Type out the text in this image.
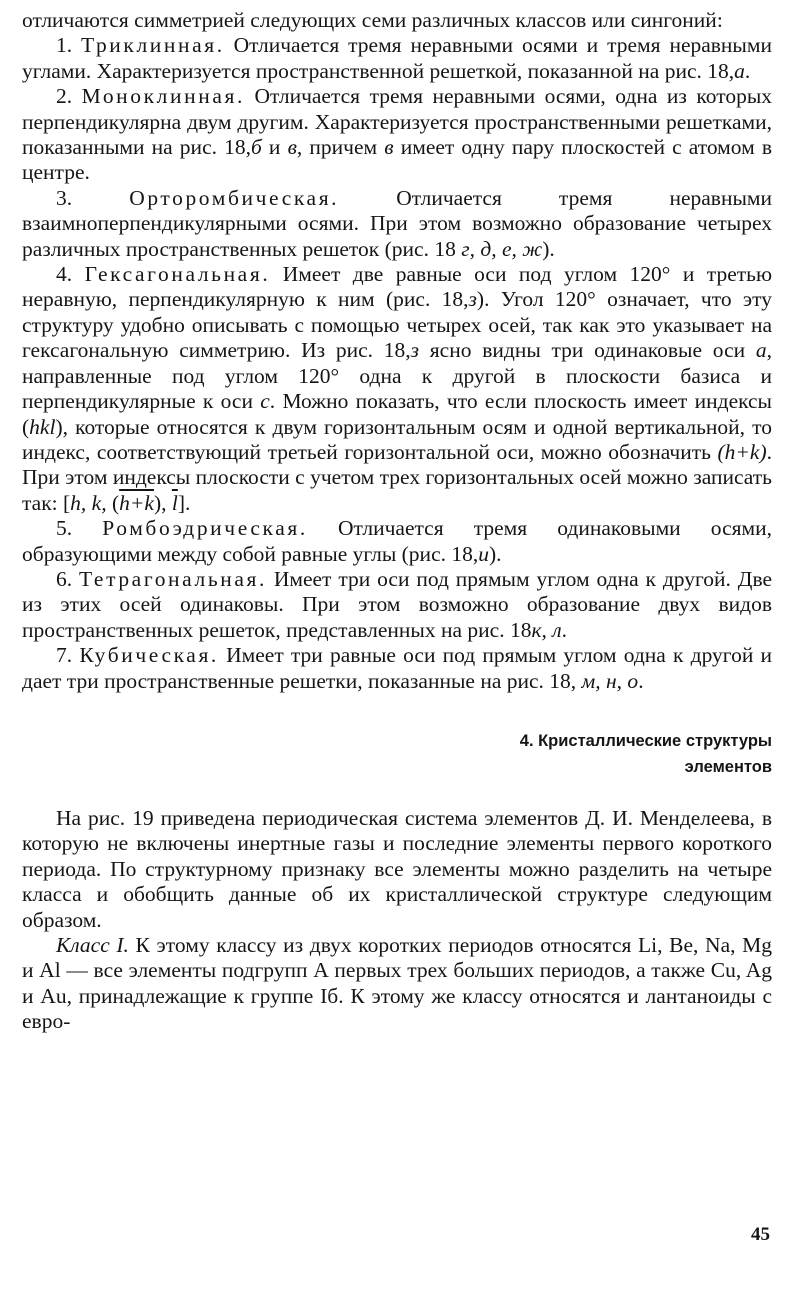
отличаются симметрией следующих семи различных классов или сингоний:

1. Триклинная. Отличается тремя неравными осями и тремя неравными углами. Характеризуется пространственной решеткой, показанной на рис. 18,а.

2. Моноклинная. Отличается тремя неравными осями, одна из которых перпендикулярна двум другим. Характеризуется пространственными решетками, показанными на рис. 18,б и в, причем в имеет одну пару плоскостей с атомом в центре.

3.	Орторомбическая.	Отличается тремя неравными взаимноперпендикулярными осями. При этом возможно образование четырех различных пространственных решеток (рис. 18 г, д, е, ж).

4. Гексагональная. Имеет две равные оси под углом 120° и третью неравную, перпендикулярную к ним (рис. 18,з). Угол 120° означает, что эту структуру удобно описывать с помощью четырех осей, так как это указывает на гексагональную симметрию. Из рис. 18,з ясно видны три одинаковые оси а, направленные под углом 120° одна к другой в плоскости базиса и перпендикулярные к оси с. Можно показать, что если плоскость имеет индексы (hkl), которые относятся к двум горизонтальным осям и одной вертикальной, то индекс, соответствующий третьей горизонтальной оси, можно обозначить (h+k). При этом индексы плоскости с учетом трех горизонтальных осей можно записать так: [h, k, (h+k), $\overline{l}$].

5. Ромбоэдрическая. Отличается тремя одинаковыми осями, образующими между собой равные углы (рис. 18,и).

6. Тетрагональная. Имеет три оси под прямым углом одна к другой. Две из этих осей одинаковы. При этом возможно образование двух видов пространственных решеток, представленных на рис. 18к, л.

7. Кубическая. Имеет три равные оси под прямым углом одна к другой и дает три пространственные решетки, показанные на рис. 18, м, н, о.

4. Кристаллические структуры
элементов

На рис. 19 приведена периодическая система элементов Д. И. Менделеева, в которую не включены инертные газы и последние элементы первого короткого периода. По структурному признаку все элементы можно разделить на четыре класса и обобщить данные об их кристаллической структуре следующим образом.

Класс I. К этому классу из двух коротких периодов относятся Li, Be, Na, Mg и Al — все элементы подгрупп А первых трех больших периодов, а также Cu, Ag и Au, принадлежащие к группе Iб. К этому же классу относятся и лантаноиды с евро-

45
